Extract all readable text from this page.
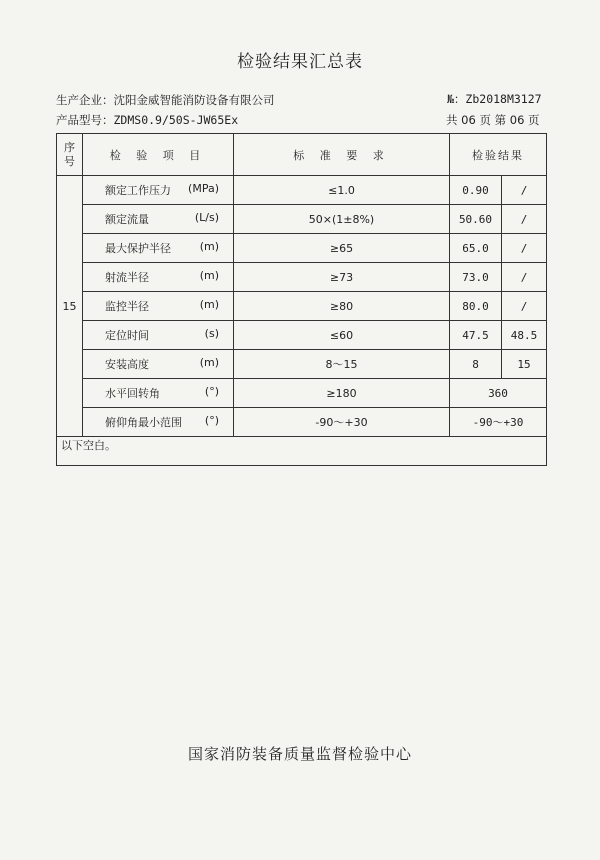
检验结果汇总表
生产企业：沈阳金威智能消防设备有限公司	№：Zb2018M3127
产品型号：ZDMS0.9/50S-JW65Ex	共 06 页 第 06 页
序号	检 验 项 目	标 准 要 求	检验结果	
15	额定工作压力 (MPa)	≤1.0	0.90	/

	额定流量 (L/s)	50×(1±8%)	50.60	/

	最大保护半径 (m)	≥65	65.0	/

	射流半径 (m)	≥73	73.0	/

	监控半径 (m)	≥80	80.0	/

	定位时间 (s)	≤60	47.5	48.5

	安装高度 (m)	8～15	8	15

	水平回转角 (°)	≥180	360	

	俯仰角最小范围 (°)	-90～+30	-90～+30	
以下空白。				
国家消防装备质量监督检验中心
